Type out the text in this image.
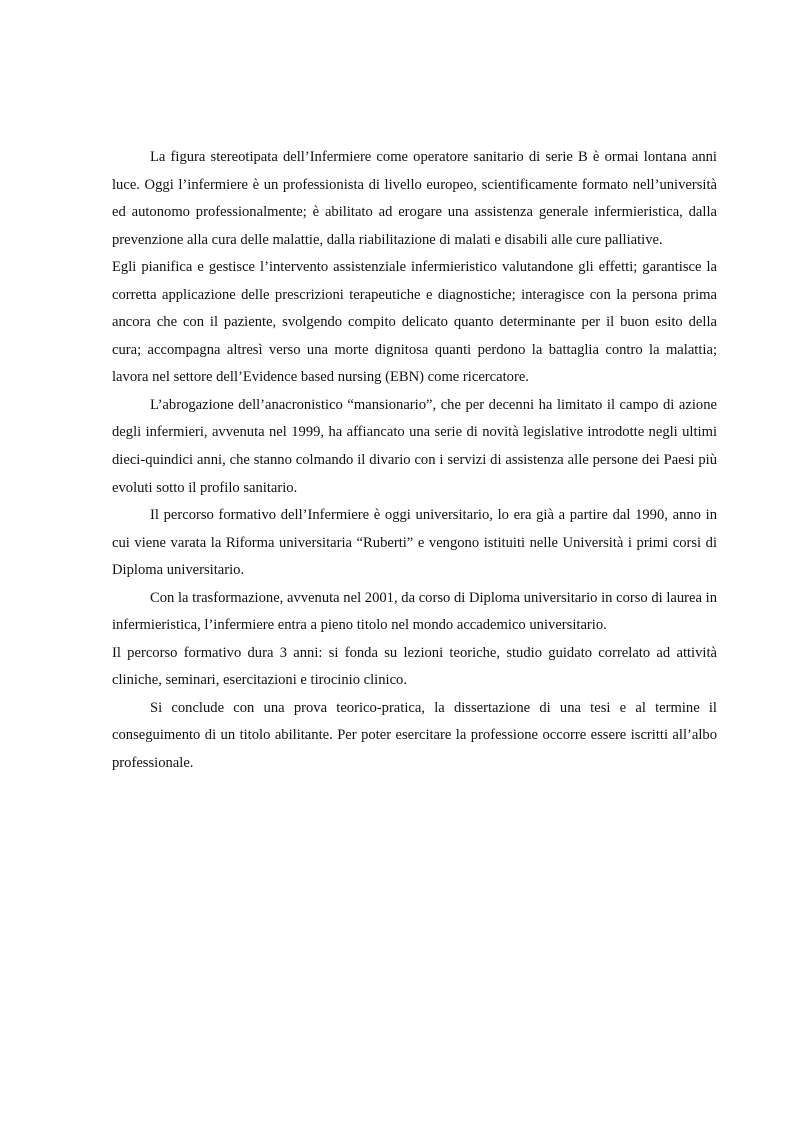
La figura stereotipata dell’Infermiere come operatore sanitario di serie B è ormai lontana anni luce. Oggi l’infermiere è un professionista di livello europeo, scientificamente formato nell’università ed autonomo professionalmente; è abilitato ad erogare una assistenza generale infermieristica, dalla prevenzione alla cura delle malattie, dalla riabilitazione di malati e disabili alle cure palliative.

Egli pianifica e gestisce l’intervento assistenziale infermieristico valutandone gli effetti; garantisce la corretta applicazione delle prescrizioni terapeutiche e diagnostiche; interagisce con la persona prima ancora che con il paziente, svolgendo compito delicato quanto determinante per il buon esito della cura; accompagna altresì verso una morte dignitosa quanti perdono la battaglia contro la malattia; lavora nel settore dell’Evidence based nursing (EBN) come ricercatore.

L’abrogazione dell’anacronistico “mansionario”, che per decenni ha limitato il campo di azione degli infermieri, avvenuta nel 1999, ha affiancato una serie di novità legislative introdotte negli ultimi dieci-quindici anni, che stanno colmando il divario con i servizi di assistenza alle persone dei Paesi più evoluti sotto il profilo sanitario.

Il percorso formativo dell’Infermiere è oggi universitario, lo era già a partire dal 1990, anno in cui viene varata la Riforma universitaria “Ruberti” e vengono istituiti nelle Università i primi corsi di Diploma universitario.

Con la trasformazione, avvenuta nel 2001, da corso di Diploma universitario in corso di laurea in infermieristica, l’infermiere entra a pieno titolo nel mondo accademico universitario.

Il percorso formativo dura 3 anni: si fonda su lezioni teoriche, studio guidato correlato ad attività cliniche, seminari, esercitazioni e tirocinio clinico.

Si conclude con una prova teorico-pratica, la dissertazione di una tesi e al termine il conseguimento di un titolo abilitante. Per poter esercitare la professione occorre essere iscritti all’albo professionale.
